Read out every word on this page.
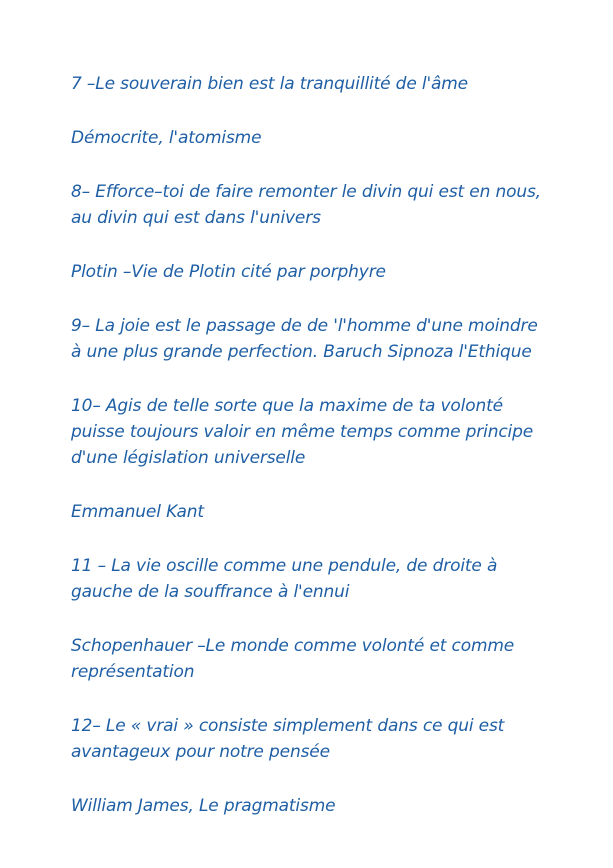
7 –Le souverain bien est la tranquillité de l'âme

Démocrite, l'atomisme

8– Efforce–toi de faire remonter le divin qui est en nous, au divin qui est dans l'univers

Plotin –Vie de Plotin cité par porphyre

9– La joie est le passage de de 'l'homme d'une moindre à une plus grande perfection. Baruch Sipnoza l'Ethique

10– Agis de telle sorte que la maxime de ta volonté puisse toujours valoir en même temps comme principe d'une législation universelle

Emmanuel Kant

11 – La vie oscille comme une pendule, de droite à gauche de la souffrance à l'ennui

Schopenhauer –Le monde comme volonté et comme représentation

12– Le « vrai » consiste simplement dans ce qui est avantageux pour notre pensée

William James, Le pragmatisme
